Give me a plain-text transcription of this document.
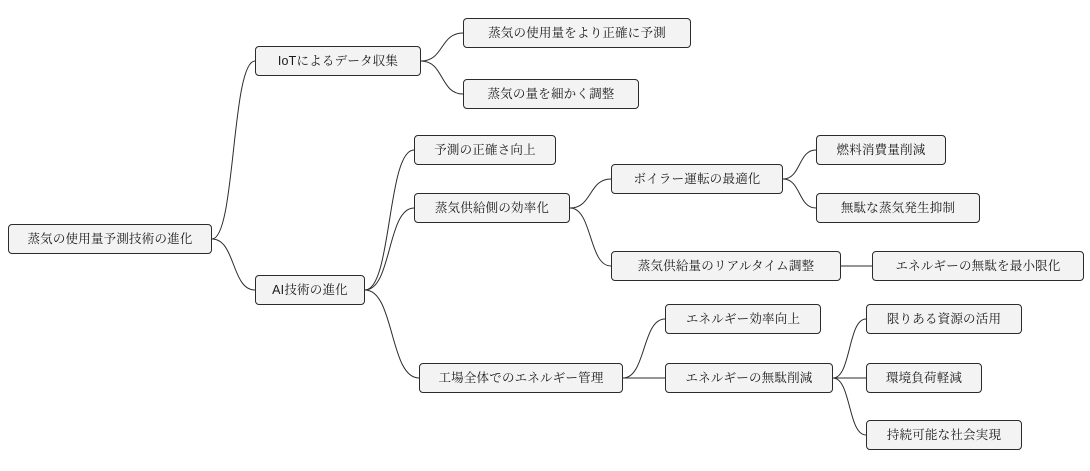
蒸気の使用量予測技術の進化
IoTによるデータ収集
蒸気の使用量をより正確に予測
蒸気の量を細かく調整
AI技術の進化
予測の正確さ向上
蒸気供給側の効率化
ボイラー運転の最適化
燃料消費量削減
無駄な蒸気発生抑制
蒸気供給量のリアルタイム調整	エネルギーの無駄を最小限化
工場全体でのエネルギー管理
エネルギー効率向上
エネルギーの無駄削減
限りある資源の活用
環境負荷軽減
持続可能な社会実現
